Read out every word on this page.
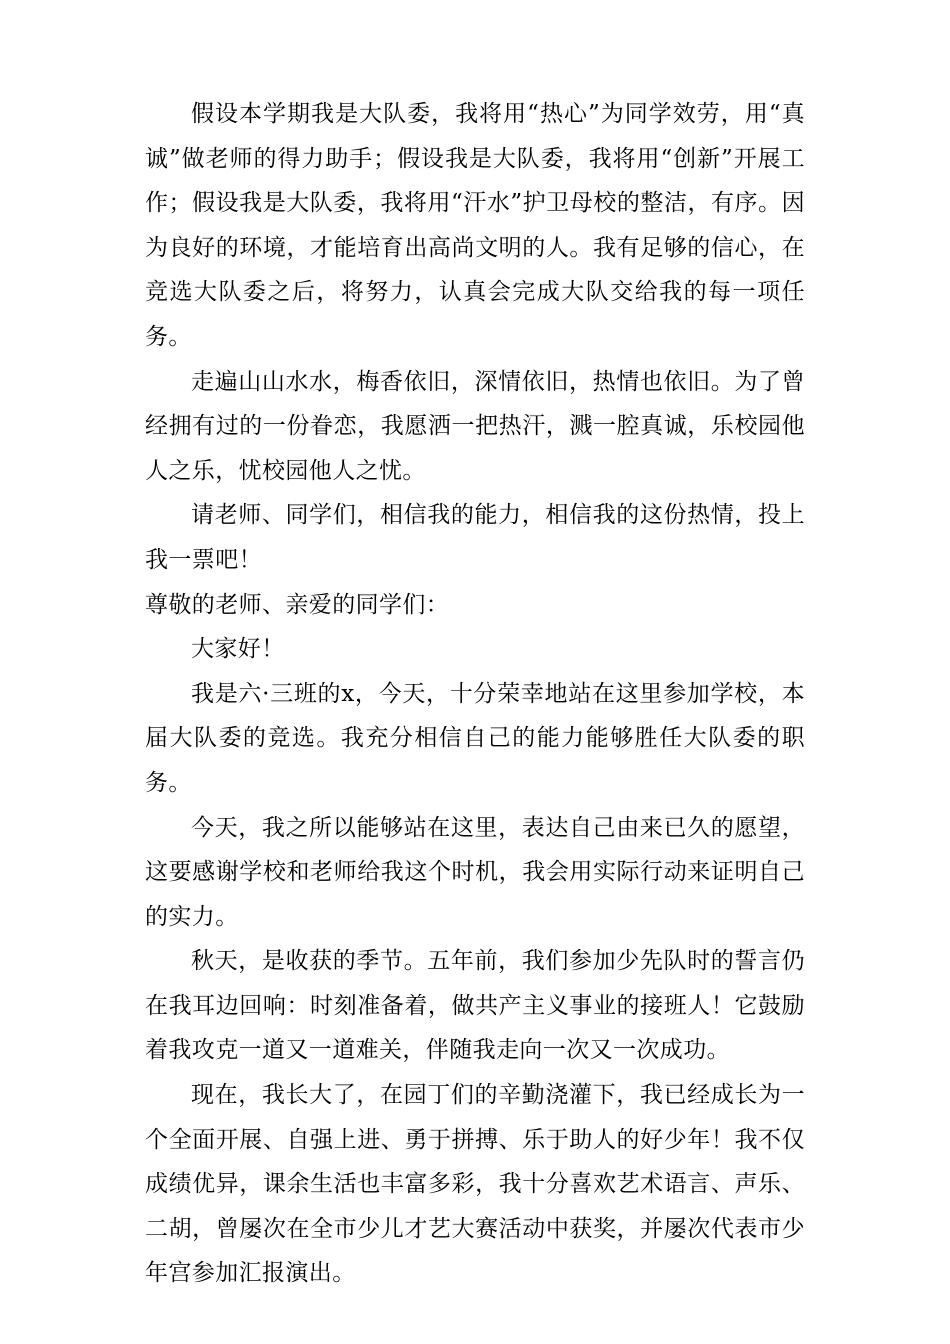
假设本学期我是大队委，我将用“热心”为同学效劳，用“真诚”做老师的得力助手；假设我是大队委，我将用“创新”开展工作；假设我是大队委，我将用“汗水”护卫母校的整洁，有序。因为良好的环境，才能培育出高尚文明的人。我有足够的信心，在竞选大队委之后，将努力，认真会完成大队交给我的每一项任务。

走遍山山水水，梅香依旧，深情依旧，热情也依旧。为了曾经拥有过的一份眷恋，我愿洒一把热汗，溅一腔真诚，乐校园他人之乐，忧校园他人之忧。

请老师、同学们，相信我的能力，相信我的这份热情，投上我一票吧！

尊敬的老师、亲爱的同学们：

大家好！

我是六·三班的x，今天，十分荣幸地站在这里参加学校，本届大队委的竞选。我充分相信自己的能力能够胜任大队委的职务。

今天，我之所以能够站在这里，表达自己由来已久的愿望，这要感谢学校和老师给我这个时机，我会用实际行动来证明自己的实力。

秋天，是收获的季节。五年前，我们参加少先队时的誓言仍在我耳边回响：时刻准备着，做共产主义事业的接班人！它鼓励着我攻克一道又一道难关，伴随我走向一次又一次成功。

现在，我长大了，在园丁们的辛勤浇灌下，我已经成长为一个全面开展、自强上进、勇于拼搏、乐于助人的好少年！我不仅成绩优异，课余生活也丰富多彩，我十分喜欢艺术语言、声乐、二胡，曾屡次在全市少儿才艺大赛活动中获奖，并屡次代表市少年宫参加汇报演出。
